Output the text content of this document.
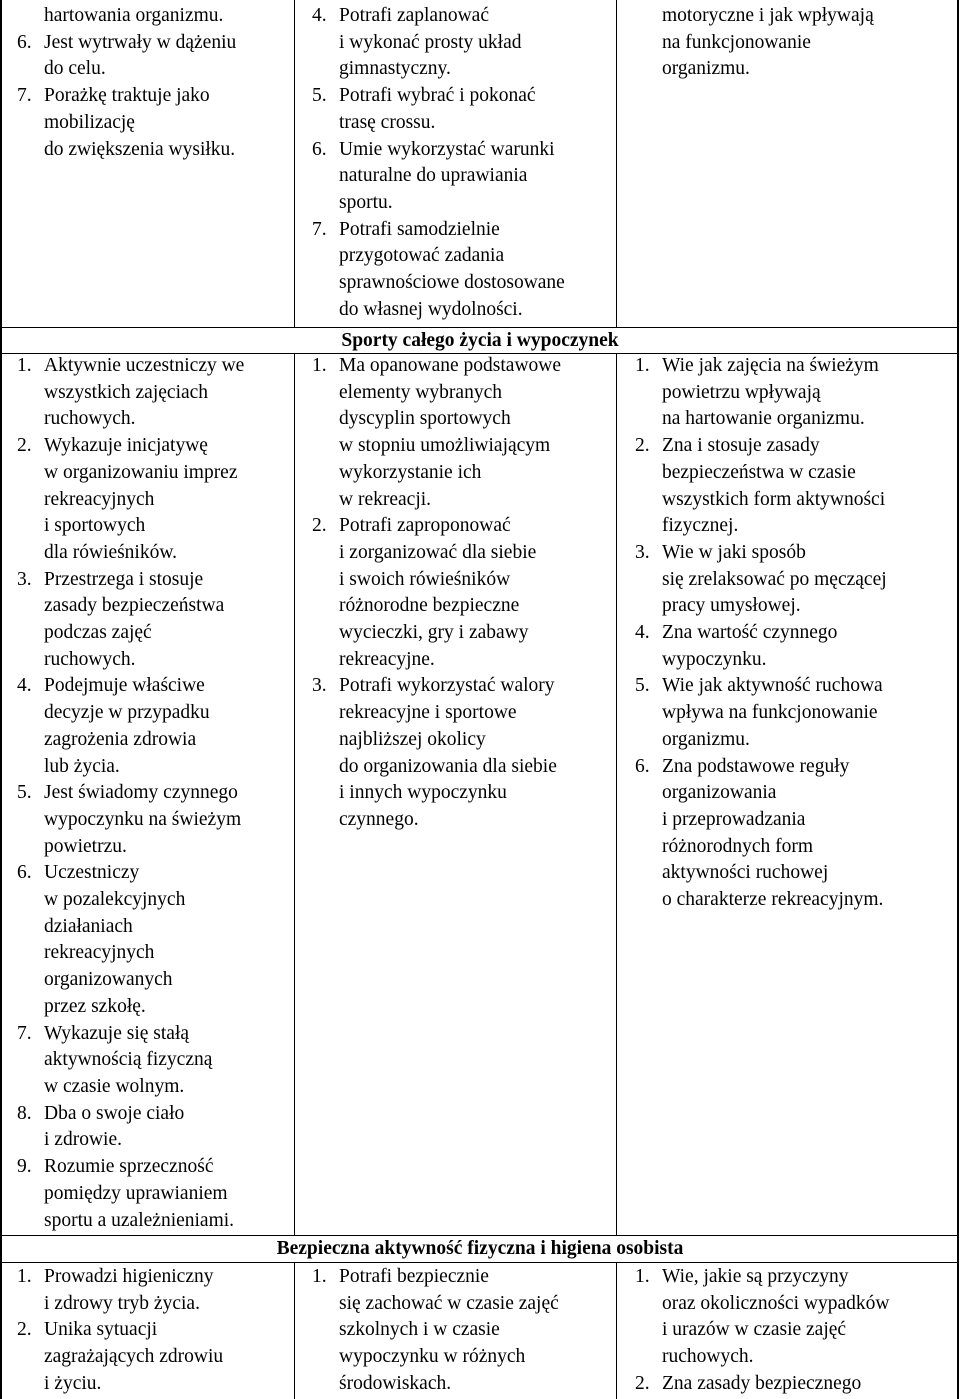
Sporty całego życia i wypoczynek
Bezpieczna aktywność fizyczna i higiena osobista
hartowania organizmu.
6. Jest wytrwały w dążeniu
do celu.
7. Porażkę traktuje jako
mobilizację
do zwiększenia wysiłku.
4. Potrafi zaplanować
i wykonać prosty układ
gimnastyczny.
5. Potrafi wybrać i pokonać
trasę crossu.
6. Umie wykorzystać warunki
naturalne do uprawiania
sportu.
7. Potrafi samodzielnie
przygotować zadania
sprawnościowe dostosowane
do własnej wydolności.
motoryczne i jak wpływają
na funkcjonowanie
organizmu.
1. Aktywnie uczestniczy we
wszystkich zajęciach
ruchowych.
2. Wykazuje inicjatywę
w organizowaniu imprez
rekreacyjnych
i sportowych
dla rówieśników.
3. Przestrzega i stosuje
zasady bezpieczeństwa
podczas zajęć
ruchowych.
4. Podejmuje właściwe
decyzje w przypadku
zagrożenia zdrowia
lub życia.
5. Jest świadomy czynnego
wypoczynku na świeżym
powietrzu.
6. Uczestniczy
w pozalekcyjnych
działaniach
rekreacyjnych
organizowanych
przez szkołę.
7. Wykazuje się stałą
aktywnością fizyczną
w czasie wolnym.
8. Dba o swoje ciało
i zdrowie.
9. Rozumie sprzeczność
pomiędzy uprawianiem
sportu a uzależnieniami.
1. Ma opanowane podstawowe
elementy wybranych
dyscyplin sportowych
w stopniu umożliwiającym
wykorzystanie ich
w rekreacji.
2. Potrafi zaproponować
i zorganizować dla siebie
i swoich rówieśników
różnorodne bezpieczne
wycieczki, gry i zabawy
rekreacyjne.
3. Potrafi wykorzystać walory
rekreacyjne i sportowe
najbliższej okolicy
do organizowania dla siebie
i innych wypoczynku
czynnego.
1. Wie jak zajęcia na świeżym
powietrzu wpływają
na hartowanie organizmu.
2. Zna i stosuje zasady
bezpieczeństwa w czasie
wszystkich form aktywności
fizycznej.
3. Wie w jaki sposób
się zrelaksować po męczącej
pracy umysłowej.
4. Zna wartość czynnego
wypoczynku.
5. Wie jak aktywność ruchowa
wpływa na funkcjonowanie
organizmu.
6. Zna podstawowe reguły
organizowania
i przeprowadzania
różnorodnych form
aktywności ruchowej
o charakterze rekreacyjnym.
1. Prowadzi higieniczny
i zdrowy tryb życia.
2. Unika sytuacji
zagrażających zdrowiu
i życiu.
1. Potrafi bezpiecznie
się zachować w czasie zajęć
szkolnych i w czasie
wypoczynku w różnych
środowiskach.
1. Wie, jakie są przyczyny
oraz okoliczności wypadków
i urazów w czasie zajęć
ruchowych.
2. Zna zasady bezpiecznego
